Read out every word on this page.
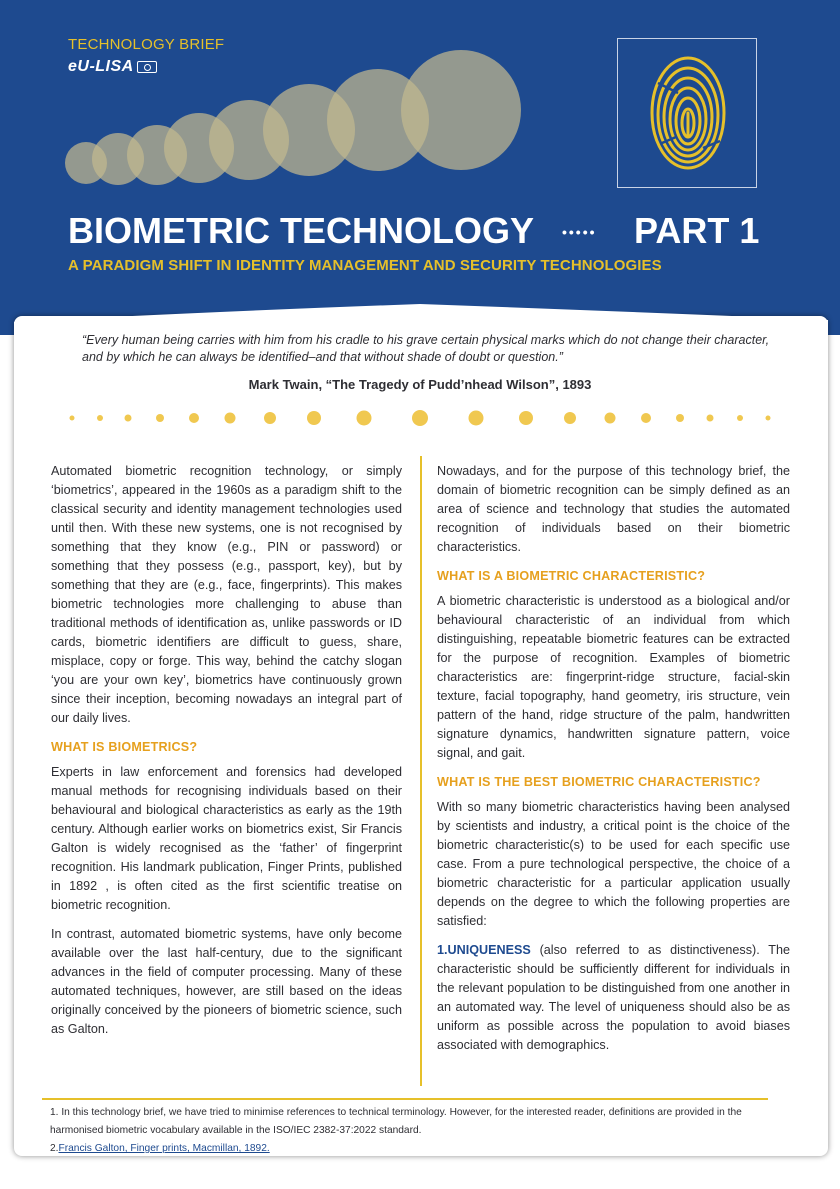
TECHNOLOGY BRIEF
eU-LISA
BIOMETRIC TECHNOLOGY ••••• PART 1
A PARADIGM SHIFT IN IDENTITY MANAGEMENT AND SECURITY TECHNOLOGIES
“Every human being carries with him from his cradle to his grave certain physical marks which do not change their character, and by which he can always be identified–and that without shade of doubt or question.”
Mark Twain, “The Tragedy of Pudd’nhead Wilson”, 1893

Automated biometric recognition technology, or simply ‘biometrics’, appeared in the 1960s as a paradigm shift to the classical security and identity management technologies used until then. With these new systems, one is not recognised by something that they know (e.g., PIN or password) or something that they possess (e.g., passport, key), but by something that they are (e.g., face, fingerprints). This makes biometric technologies more challenging to abuse than traditional methods of identification as, unlike passwords or ID cards, biometric identifiers are difficult to guess, share, misplace, copy or forge. This way, behind the catchy slogan ‘you are your own key’, biometrics have continuously grown since their inception, becoming nowadays an integral part of our daily lives.

WHAT IS BIOMETRICS?

Experts in law enforcement and forensics had developed manual methods for recognising individuals based on their behavioural and biological characteristics as early as the 19th century. Although earlier works on biometrics exist, Sir Francis Galton is widely recognised as the ‘father’ of fingerprint recognition. His landmark publication, Finger Prints, published in 1892 , is often cited as the first scientific treatise on biometric recognition.

In contrast, automated biometric systems, have only become available over the last half-century, due to the significant advances in the field of computer processing. Many of these automated techniques, however, are still based on the ideas originally conceived by the pioneers of biometric science, such as Galton.

Nowadays, and for the purpose of this technology brief, the domain of biometric recognition can be simply defined as an area of science and technology that studies the automated recognition of individuals based on their biometric characteristics.

WHAT IS A BIOMETRIC CHARACTERISTIC?

A biometric characteristic is understood as a biological and/or behavioural characteristic of an individual from which distinguishing, repeatable biometric features can be extracted for the purpose of recognition. Examples of biometric characteristics are: fingerprint-ridge structure, facial-skin texture, facial topography, hand geometry, iris structure, vein pattern of the hand, ridge structure of the palm, handwritten signature dynamics, handwritten signature pattern, voice signal, and gait.

WHAT IS THE BEST BIOMETRIC CHARACTERISTIC?

With so many biometric characteristics having been analysed by scientists and industry, a critical point is the choice of the biometric characteristic(s) to be used for each specific use case. From a pure technological perspective, the choice of a biometric characteristic for a particular application usually depends on the degree to which the following properties are satisfied:

1.UNIQUENESS (also referred to as distinctiveness). The characteristic should be sufficiently different for individuals in the relevant population to be distinguished from one another in an automated way. The level of uniqueness should also be as uniform as possible across the population to avoid biases associated with demographics.

1. In this technology brief, we have tried to minimise references to technical terminology. However, for the interested reader, definitions are provided in the harmonised biometric vocabulary available in the ISO/IEC 2382-37:2022 standard.
2.Francis Galton, Finger prints, Macmillan, 1892.
